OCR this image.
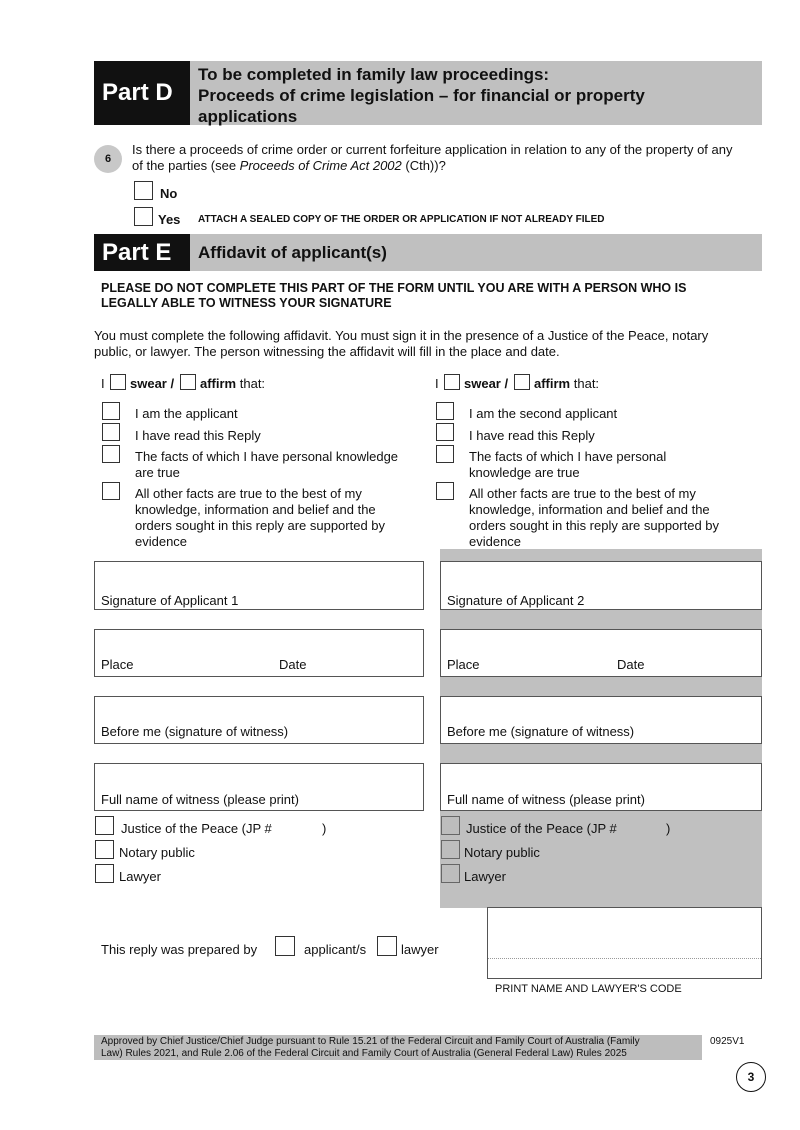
Part D
To be completed in family law proceedings:
Proceeds of crime legislation – for financial or property
applications
6
Is there a proceeds of crime order or current forfeiture application in relation to any of the property of any
of the parties (see Proceeds of Crime Act 2002 (Cth))?
No
Yes ATTACH A SEALED COPY OF THE ORDER OR APPLICATION IF NOT ALREADY FILED
Part E	Affidavit of applicant(s)
PLEASE DO NOT COMPLETE THIS PART OF THE FORM UNTIL YOU ARE WITH A PERSON WHO IS
LEGALLY ABLE TO WITNESS YOUR SIGNATURE
You must complete the following affidavit. You must sign it in the presence of a Justice of the Peace, notary
public, or lawyer. The person witnessing the affidavit will fill in the place and date.
I swear / affirm that:	I swear / affirm that:
I am the applicant
I have read this Reply
The facts of which I have personal knowledge
are true
All other facts are true to the best of my
knowledge, information and belief and the
orders sought in this reply are supported by
evidence
I am the second applicant
I have read this Reply
The facts of which I have personal
knowledge are true
All other facts are true to the best of my
knowledge, information and belief and the
orders sought in this reply are supported by
evidence
Signature of Applicant 1
Place	Date
Before me (signature of witness)
Full name of witness (please print)
Signature of Applicant 2
Place	Date
Before me (signature of witness)
Full name of witness (please print)
Justice of the Peace (JP #	)
Notary public
Lawyer
Justice of the Peace (JP #	)
Notary public
Lawyer
This reply was prepared by	applicant/s	lawyer
PRINT NAME AND LAWYER'S CODE
Approved by Chief Justice/Chief Judge pursuant to Rule 15.21 of the Federal Circuit and Family Court of Australia (Family
Law) Rules 2021, and Rule 2.06 of the Federal Circuit and Family Court of Australia (General Federal Law) Rules 2025
0925V1
3
